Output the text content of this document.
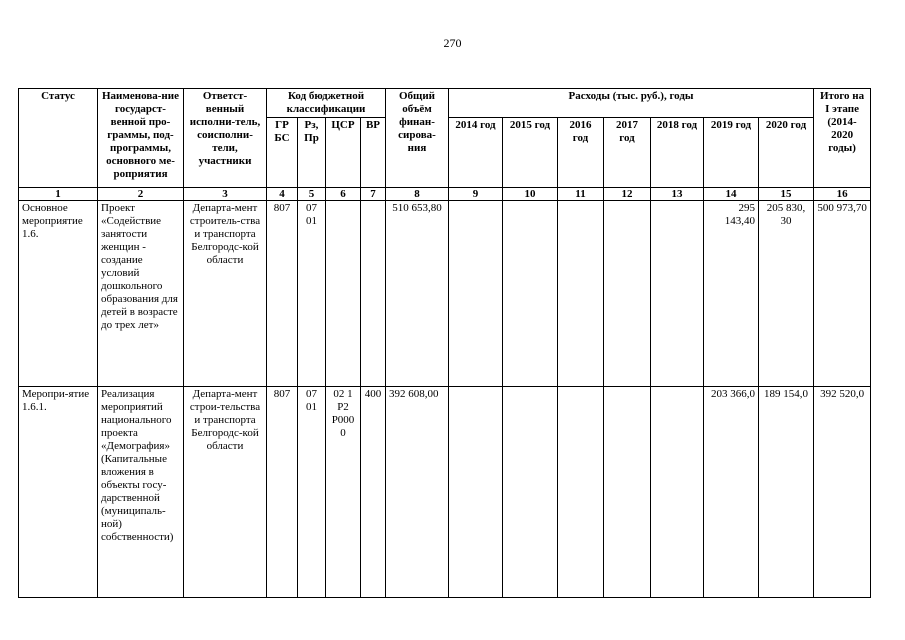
270
Статус	Наименова-ние государст-венной про-граммы, под-программы, основного ме-роприятия	Ответст-венный исполни-тель, соисполни-тели, участники	Код бюджетной классификации				Общий объём финан-сирова-ния	Расходы (тыс. руб.), годы							Итого на I этапе (2014-2020 годы)
			ГР БС	Рз, Пр	ЦСР	ВР		2014 год	2015 год	2016 год	2017 год	2018 год	2019 год	2020 год	
1	2	3	4	5	6	7	8	9	10	11	12	13	14	15	16
Основное мероприятие 1.6.	Проект «Содействие занятости женщин - создание условий дошкольного образования для детей в возрасте до трех лет»	Департа-мент строитель-ства и транспорта Белгородс-кой области	807	07 01			510 653,80						295 143,40	205 830, 30	500 973,70
Меропри-ятие 1.6.1.	Реализация мероприятий национального проекта «Демография» (Капитальные вложения в объекты госу-дарственной (муниципаль-ной) собственности)	Департа-мент строи-тельства и транспорта Белгородс-кой области	807	07 01	02 1 P2 P000 0	400	392 608,00						203 366,0	189 154,0	392 520,0
